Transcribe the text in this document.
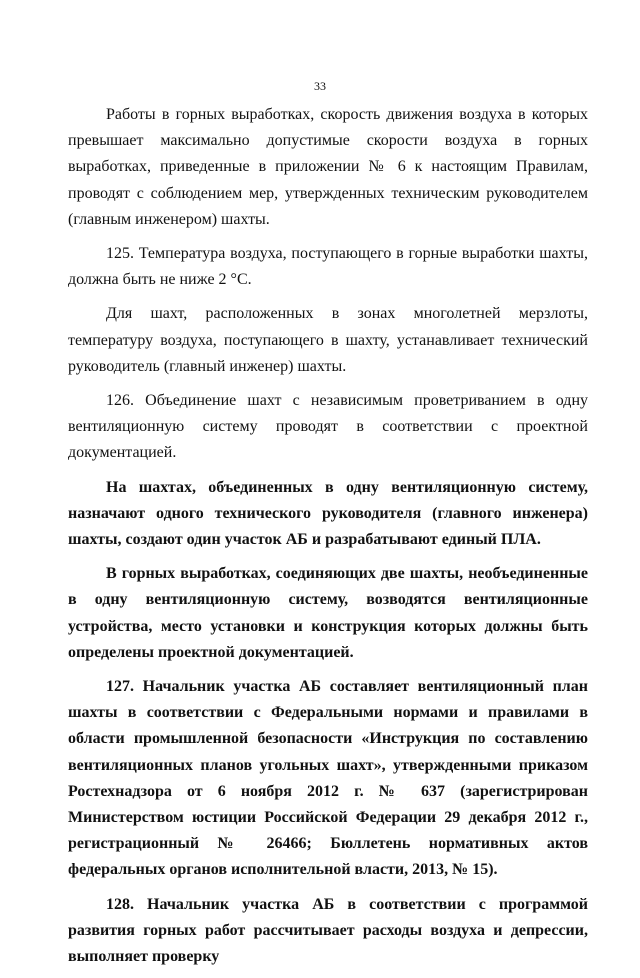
33

Работы в горных выработках, скорость движения воздуха в которых превышает максимально допустимые скорости воздуха в горных выработках, приведенные в приложении № 6 к настоящим Правилам, проводят с соблюдением мер, утвержденных техническим руководителем (главным инженером) шахты.

125. Температура воздуха, поступающего в горные выработки шахты, должна быть не ниже 2 °С.

Для шахт, расположенных в зонах многолетней мерзлоты, температуру воздуха, поступающего в шахту, устанавливает технический руководитель (главный инженер) шахты.

126. Объединение шахт с независимым проветриванием в одну вентиляционную систему проводят в соответствии с проектной документацией.

На шахтах, объединенных в одну вентиляционную систему, назначают одного технического руководителя (главного инженера) шахты, создают один участок АБ и разрабатывают единый ПЛА.

В горных выработках, соединяющих две шахты, необъединенные в одну вентиляционную систему, возводятся вентиляционные устройства, место установки и конструкция которых должны быть определены проектной документацией.

127. Начальник участка АБ составляет вентиляционный план шахты в соответствии с Федеральными нормами и правилами в области промышленной безопасности «Инструкция по составлению вентиляционных планов угольных шахт», утвержденными приказом Ростехнадзора от 6 ноября 2012 г. № 637 (зарегистрирован Министерством юстиции Российской Федерации 29 декабря 2012 г., регистрационный № 26466; Бюллетень нормативных актов федеральных органов исполнительной власти, 2013, № 15).

128. Начальник участка АБ в соответствии с программой развития горных работ рассчитывает расходы воздуха и депрессии, выполняет проверку
